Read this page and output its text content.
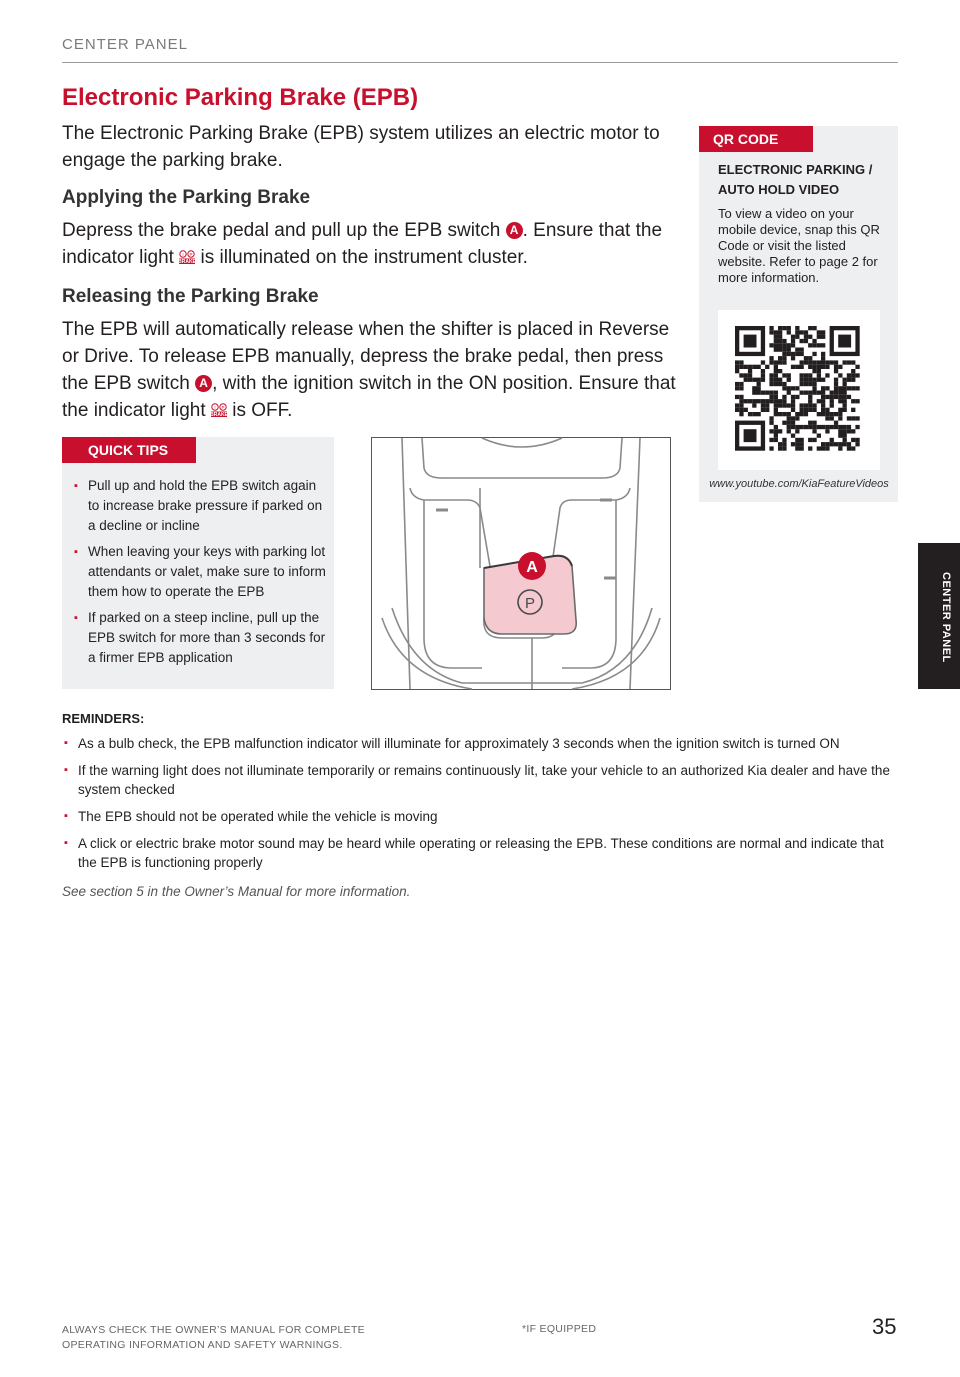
CENTER PANEL
Electronic Parking Brake (EPB)
The Electronic Parking Brake (EPB) system utilizes an electric motor to engage the parking brake.
Applying the Parking Brake
Depress the brake pedal and pull up the EPB switch A . Ensure that the indicator light ! P
BRAKE is illuminated on the instrument cluster.
Releasing the Parking Brake
The EPB will automatically release when the shifter is placed in Reverse or Drive. To release EPB manually, depress the brake pedal, then press the EPB switch A , with the ignition switch in the ON position. Ensure that the indicator light ! P
BRAKE is OFF.
QR CODE
ELECTRONIC PARKING / AUTO HOLD VIDEO
To view a video on your mobile device, snap this QR Code or visit the listed website. Refer to page 2 for more information.
www.youtube.com/KiaFeatureVideos
QUICK TIPS
▪ Pull up and hold the EPB switch again to increase brake pressure if parked on a decline or incline
▪ When leaving your keys with parking lot attendants or valet, make sure to inform them how to operate the EPB
▪ If parked on a steep incline, pull up the EPB switch for more than 3 seconds for a firmer EPB application
P
A
REMINDERS:
▪ As a bulb check, the EPB malfunction indicator will illuminate for approximately 3 seconds when the ignition switch is turned ON
▪ If the warning light does not illuminate temporarily or remains continuously lit, take your vehicle to an authorized Kia dealer and have the system checked
▪ The EPB should not be operated while the vehicle is moving
▪ A click or electric brake motor sound may be heard while operating or releasing the EPB. These conditions are normal and indicate that the EPB is functioning properly
See section 5 in the Owner’s Manual for more information.
CENTER PANEL
ALWAYS CHECK THE OWNER’S MANUAL FOR COMPLETE OPERATING INFORMATION AND SAFETY WARNINGS.
*IF EQUIPPED	35
